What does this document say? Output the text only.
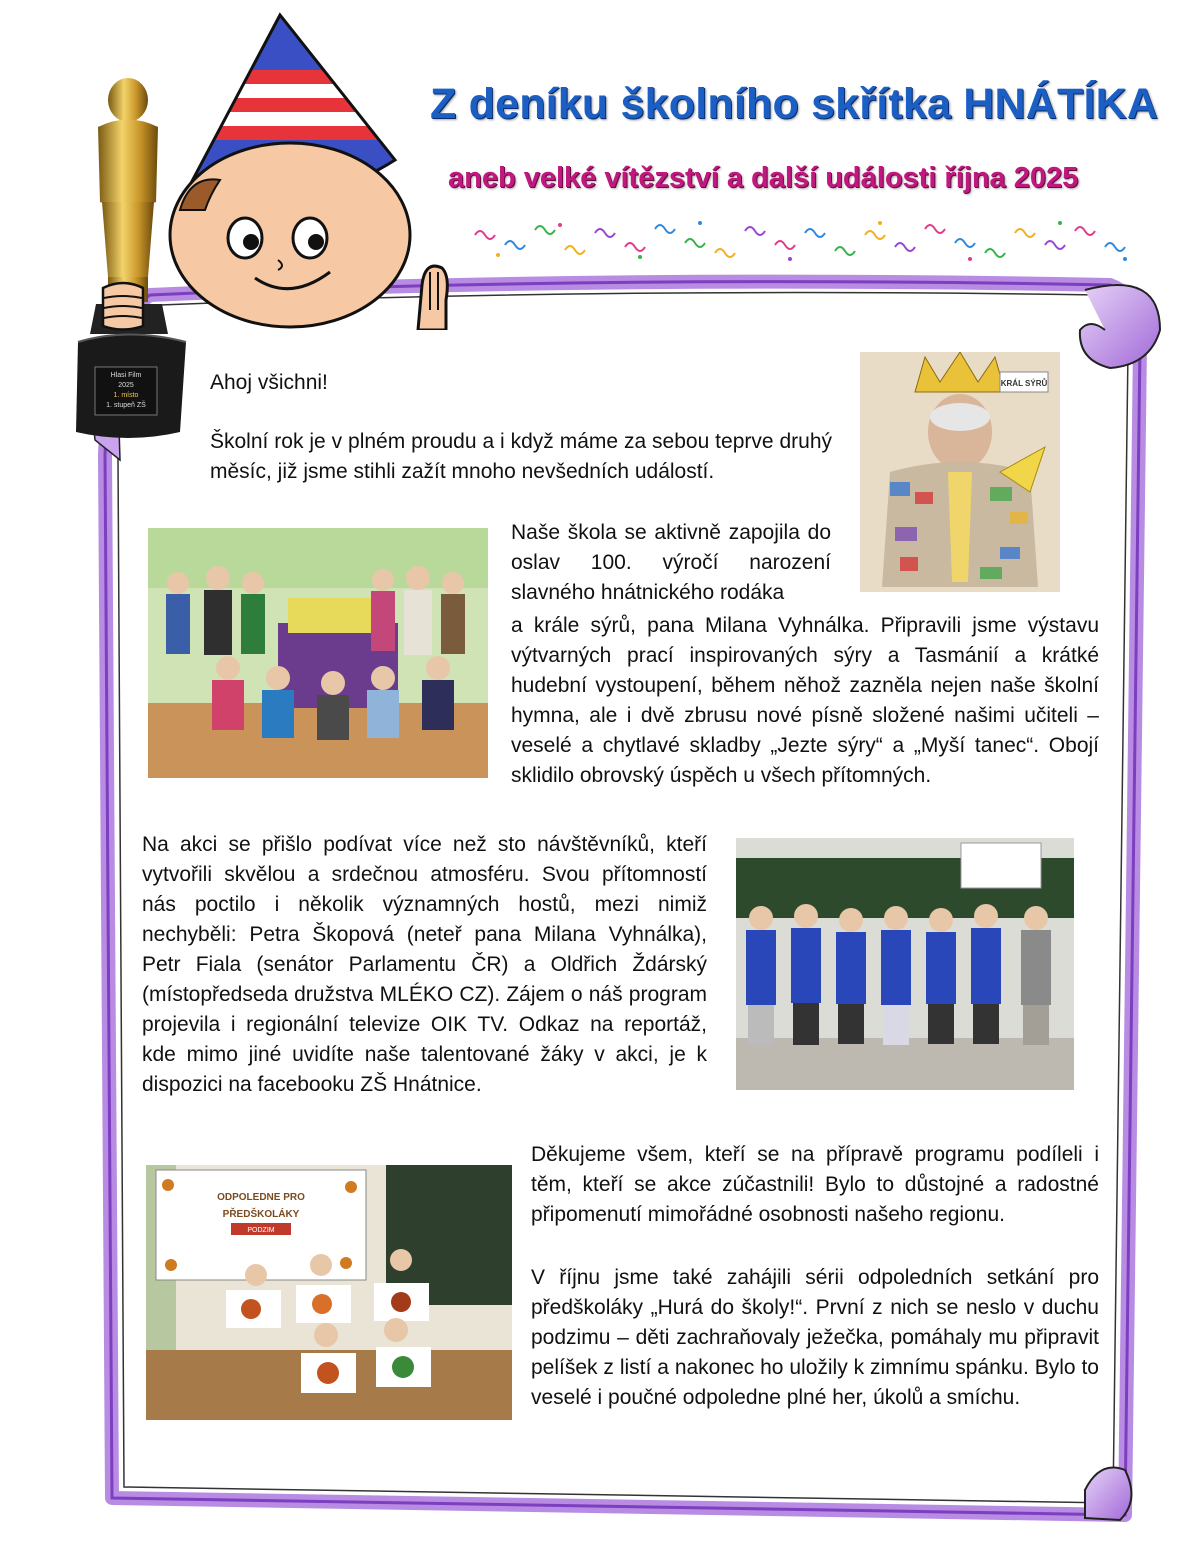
Z deníku školního skřítka HNÁTÍKA
aneb velké vítězství a další události října 2025
Hlasi Film
2025
1. místo
1. stupeň ZŠ
KRÁL SÝRŮ
ODPOLEDNE PRO
PŘEDŠKOLÁKY
PODZIM
Ahoj všichni!
Školní rok je v plném proudu a i když máme za sebou teprve druhý měsíc, již jsme stihli zažít mnoho nevšedních událostí.
Naše škola se aktivně zapojila do oslav 100. výročí narození slavného hnátnického rodáka
a krále sýrů, pana Milana Vyhnálka. Připravili jsme výstavu výtvarných prací inspirovaných sýry a Tasmánií a krátké hudební vystoupení, během něhož zazněla nejen naše školní hymna, ale i dvě zbrusu nové písně složené našimi učiteli – veselé a chytlavé skladby „Jezte sýry“ a „Myší tanec“. Obojí sklidilo obrovský úspěch u všech přítomných.
Na akci se přišlo podívat více než sto návštěvníků, kteří vytvořili skvělou a srdečnou atmosféru. Svou přítomností nás poctilo i několik významných hostů, mezi nimiž nechyběli: Petra Škopová (neteř pana Milana Vyhnálka), Petr Fiala (senátor Parlamentu ČR) a Oldřich Ždárský (místopředseda družstva MLÉKO CZ). Zájem o náš program projevila i regionální televize OIK TV. Odkaz na reportáž, kde mimo jiné uvidíte naše talentované žáky v akci, je k dispozici na facebooku ZŠ Hnátnice.
Děkujeme všem, kteří se na přípravě programu podíleli i těm, kteří se akce zúčastnili! Bylo to důstojné a radostné připomenutí mimořádné osobnosti našeho regionu.
V říjnu jsme také zahájili sérii odpoledních setkání pro předškoláky „Hurá do školy!“. První z nich se neslo v duchu podzimu – děti zachraňovaly ježečka, pomáhaly mu připravit pelíšek z listí a nakonec ho uložily k zimnímu spánku. Bylo to veselé i poučné odpoledne plné her, úkolů a smíchu.
